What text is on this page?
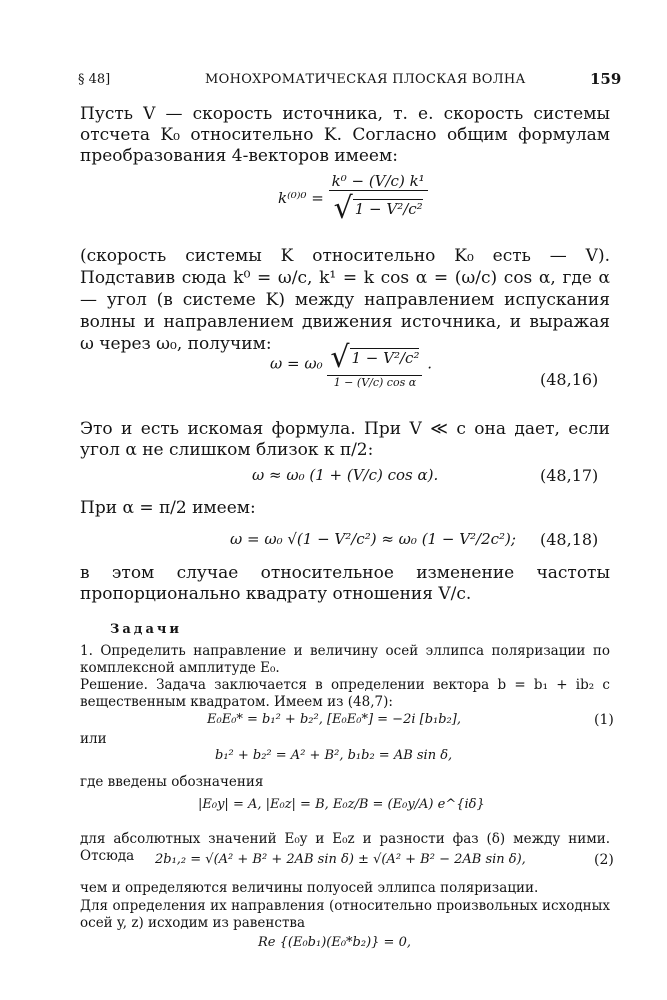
§ 48]	МОНОХРОМАТИЧЕСКАЯ ПЛОСКАЯ ВОЛНА	159
Пусть V — скорость источника, т. е. скорость системы отсчета K₀ относительно K. Согласно общим формулам преобразования 4-векторов имеем:
$k^{(0)0} = \frac{\text{k⁰ − (V/c) k¹}}{\text{√ 1 − V²/c²}}$
(скорость системы K относительно K₀ есть — V). Подставив сюда k⁰ = ω/c, k¹ = k cos α = (ω/c) cos α, где α — угол (в системе K) между направлением испускания волны и направлением движения источника, и выражая ω через ω₀, получим:
$\omega = \omega_0 \frac{\text{√ 1 − V²/c²}}{\text{1 − (V/c) cos α}}$ .
(48,16)
Это и есть искомая формула. При V ≪ c она дает, если угол α не слишком близок к π/2:
ω ≈ ω₀ (1 + (V/c) cos α).	(48,17)
При α = π/2 имеем:
ω = ω₀ √(1 − V²/c²) ≈ ω₀ (1 − V²/2c²); (48,18)
в этом случае относительное изменение частоты пропорционально квадрату отношения V/c.
Задачи
1. Определить направление и величину осей эллипса поляризации по комплексной амплитуде E₀.
Решение. Задача заключается в определении вектора b = b₁ + ib₂ с вещественным квадратом. Имеем из (48,7):
E₀E₀* = b₁² + b₂², [E₀E₀*] = −2i [b₁b₂],	(1)
или
b₁² + b₂² = A² + B², b₁b₂ = AB sin δ,
где введены обозначения
|E₀y| = A, |E₀z| = B, E₀z/B = (E₀y/A) e^{iδ}
для абсолютных значений E₀y и E₀z и разности фаз (δ) между ними. Отсюда	2b₁,₂ = √(A² + B² + 2AB sin δ) ± √(A² + B² − 2AB sin δ),	(2)
чем и определяются величины полуосей эллипса поляризации.
Для определения их направления (относительно произвольных исходных осей y, z) исходим из равенства
Re {(E₀b₁)(E₀*b₂)} = 0,
